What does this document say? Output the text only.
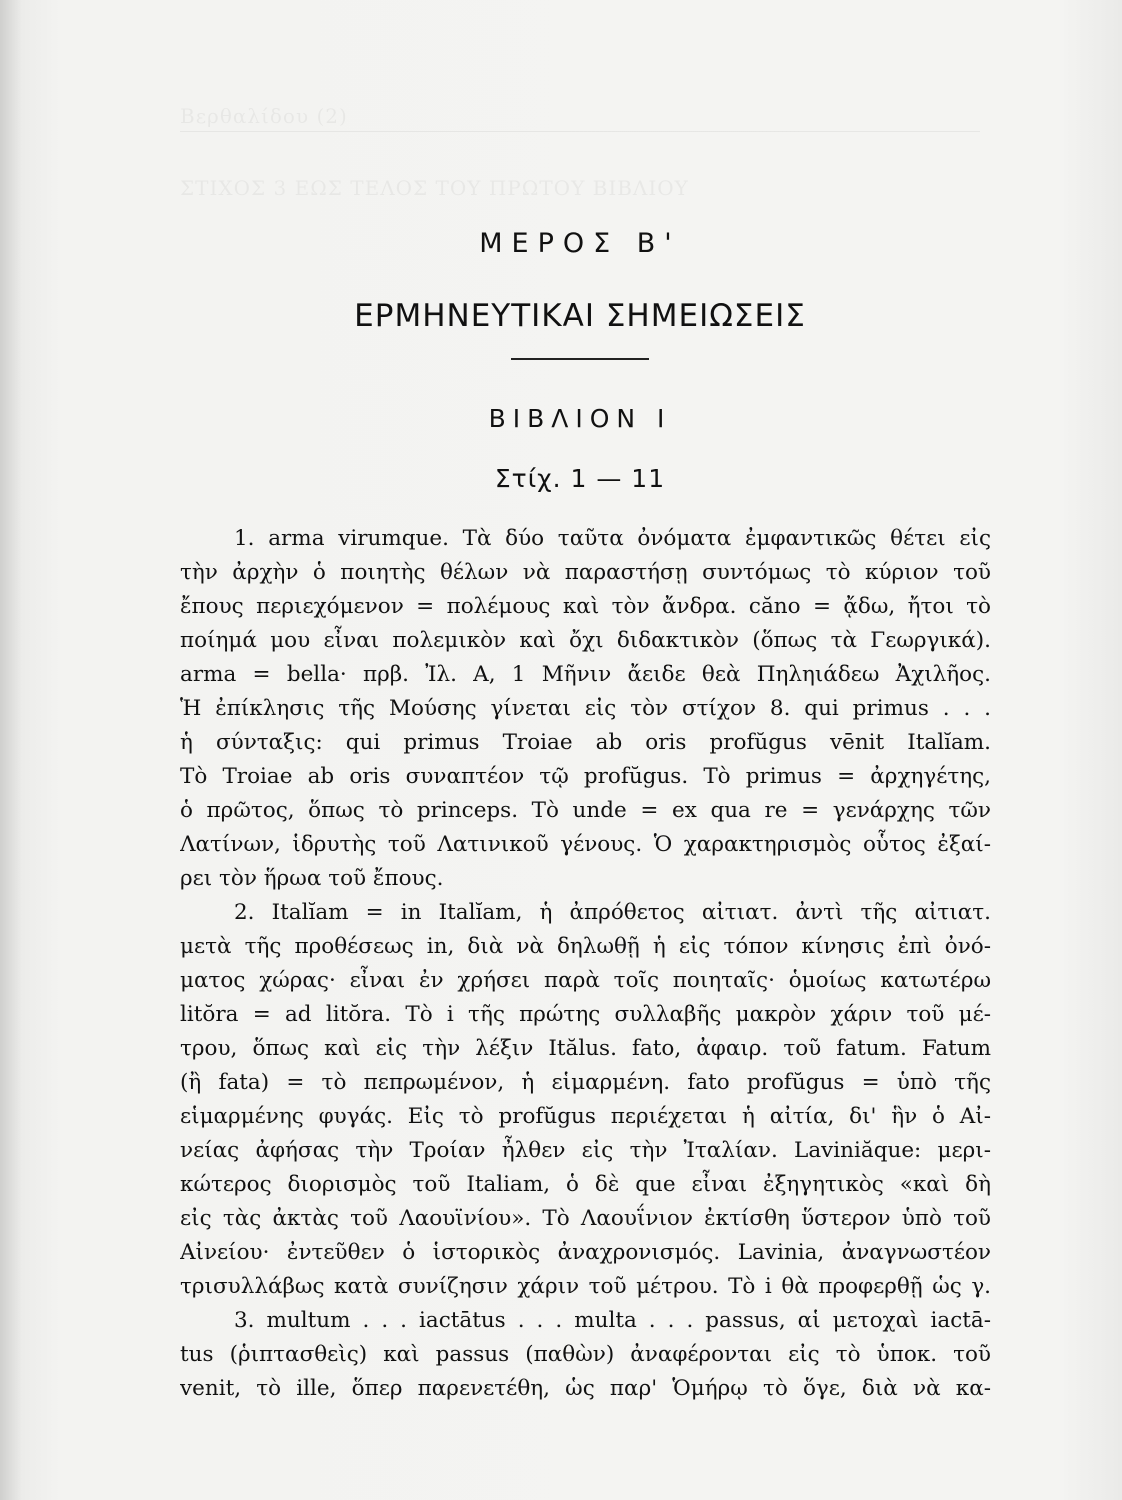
ΜΕΡΟΣ Β'
ΕΡΜΗΝΕΥΤΙΚΑΙ ΣΗΜΕΙΩΣΕΙΣ
ΒΙΒΛΙΟΝ Ι
Στίχ. 1 — 11
1. arma virumque. Τὰ δύο ταῦτα ὀνόματα ἐμφαντικῶς θέτει εἰς
τὴν ἀρχὴν ὁ ποιητὴς θέλων νὰ παραστήσῃ συντόμως τὸ κύριον τοῦ
ἔπους περιεχόμενον = πολέμους καὶ τὸν ἄνδρα. căno = ᾄδω, ἤτοι τὸ
ποίημά μου εἶναι πολεμικὸν καὶ ὄχι διδακτικὸν (ὅπως τὰ Γεωργικά).
arma = bella· πρβ. Ἰλ. Α, 1 Μῆνιν ἄειδε θεὰ Πηληιάδεω Ἀχιλῆος.
Ἡ ἐπίκλησις τῆς Μούσης γίνεται εἰς τὸν στίχον 8. qui primus . . .
ἡ σύνταξις: qui primus Troiae ab oris profŭgus vēnit Italĭam.
Τὸ Troiae ab oris συναπτέον τῷ profŭgus. Τὸ primus = ἀρχηγέτης,
ὁ πρῶτος, ὅπως τὸ princeps. Τὸ unde = ex qua re = γενάρχης τῶν
Λατίνων, ἱδρυτὴς τοῦ Λατινικοῦ γένους. Ὁ χαρακτηρισμὸς οὗτος ἐξαί-
ρει τὸν ἥρωα τοῦ ἔπους.
2. Italĭam = in Italĭam, ἡ ἀπρόθετος αἰτιατ. ἀντὶ τῆς αἰτιατ.
μετὰ τῆς προθέσεως in, διὰ νὰ δηλωθῇ ἡ εἰς τόπον κίνησις ἐπὶ ὀνό-
ματος χώρας· εἶναι ἐν χρήσει παρὰ τοῖς ποιηταῖς· ὁμοίως κατωτέρω
litŏra = ad litŏra. Τὸ i τῆς πρώτης συλλαβῆς μακρὸν χάριν τοῦ μέ-
τρου, ὅπως καὶ εἰς τὴν λέξιν Itălus. fato, ἀφαιρ. τοῦ fatum. Fatum
(ἢ fata) = τὸ πεπρωμένον, ἡ εἱμαρμένη. fato profŭgus = ὑπὸ τῆς
εἱμαρμένης φυγάς. Εἰς τὸ profŭgus περιέχεται ἡ αἰτία, δι' ἣν ὁ Αἰ-
νείας ἀφήσας τὴν Τροίαν ἦλθεν εἰς τὴν Ἰταλίαν. Laviniăque: μερι-
κώτερος διορισμὸς τοῦ Italiam, ὁ δὲ que εἶναι ἐξηγητικὸς «καὶ δὴ
εἰς τὰς ἀκτὰς τοῦ Λαουϊνίου». Τὸ Λαουΐνιον ἐκτίσθη ὕστερον ὑπὸ τοῦ
Αἰνείου· ἐντεῦθεν ὁ ἱστορικὸς ἀναχρονισμός. Lavinia, ἀναγνωστέον
τρισυλλάβως κατὰ συνίζησιν χάριν τοῦ μέτρου. Τὸ i θὰ προφερθῇ ὡς γ.
3. multum . . . iactātus . . . multa . . . passus, αἱ μετοχαὶ iactā-
tus (ῥιπτασθεὶς) καὶ passus (παθὼν) ἀναφέρονται εἰς τὸ ὑποκ. τοῦ
venit, τὸ ille, ὅπερ παρενετέθη, ὡς παρ' Ὁμήρῳ τὸ ὅγε, διὰ νὰ κα-
